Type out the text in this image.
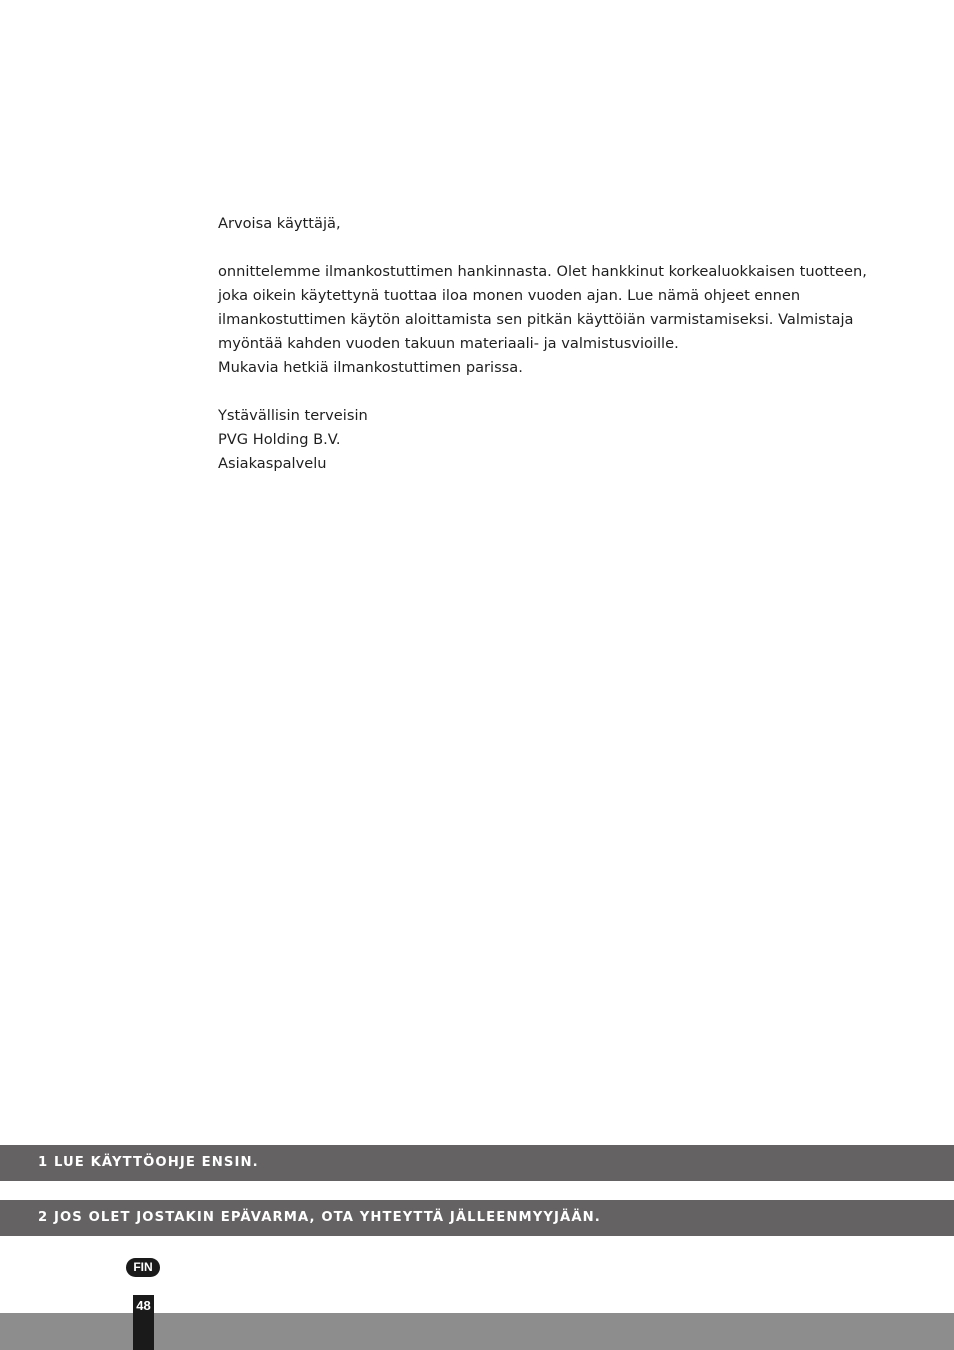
Arvoisa käyttäjä,

onnittelemme ilmankostuttimen hankinnasta. Olet hankkinut korkealuokkaisen tuotteen,

joka oikein käytettynä tuottaa iloa monen vuoden ajan. Lue nämä ohjeet ennen

ilmankostuttimen käytön aloittamista sen pitkän käyttöiän varmistamiseksi. Valmistaja

myöntää kahden vuoden takuun materiaali- ja valmistusvioille.

Mukavia hetkiä ilmankostuttimen parissa.

Ystävällisin terveisin

PVG Holding B.V.

Asiakaspalvelu

1 LUE KÄYTTÖOHJE ENSIN.
2 JOS OLET JOSTAKIN EPÄVARMA, OTA YHTEYTTÄ JÄLLEENMYYJÄÄN.
FIN
48
